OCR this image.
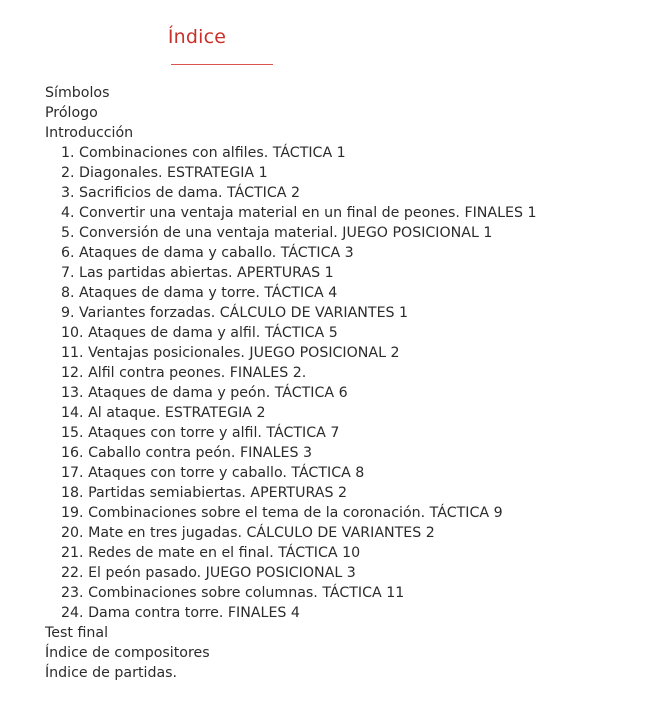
Índice
Símbolos
Prólogo
Introducción
1. Combinaciones con alfiles. TÁCTICA 1
2. Diagonales. ESTRATEGIA 1
3. Sacrificios de dama. TÁCTICA 2
4. Convertir una ventaja material en un final de peones. FINALES 1
5. Conversión de una ventaja material. JUEGO POSICIONAL 1
6. Ataques de dama y caballo. TÁCTICA 3
7. Las partidas abiertas. APERTURAS 1
8. Ataques de dama y torre. TÁCTICA 4
9. Variantes forzadas. CÁLCULO DE VARIANTES 1
10. Ataques de dama y alfil. TÁCTICA 5
11. Ventajas posicionales. JUEGO POSICIONAL 2
12. Alfil contra peones. FINALES 2.
13. Ataques de dama y peón. TÁCTICA 6
14. Al ataque. ESTRATEGIA 2
15. Ataques con torre y alfil. TÁCTICA 7
16. Caballo contra peón. FINALES 3
17. Ataques con torre y caballo. TÁCTICA 8
18. Partidas semiabiertas. APERTURAS 2
19. Combinaciones sobre el tema de la coronación. TÁCTICA 9
20. Mate en tres jugadas. CÁLCULO DE VARIANTES 2
21. Redes de mate en el final. TÁCTICA 10
22. El peón pasado. JUEGO POSICIONAL 3
23. Combinaciones sobre columnas. TÁCTICA 11
24. Dama contra torre. FINALES 4
Test final
Índice de compositores
Índice de partidas.
